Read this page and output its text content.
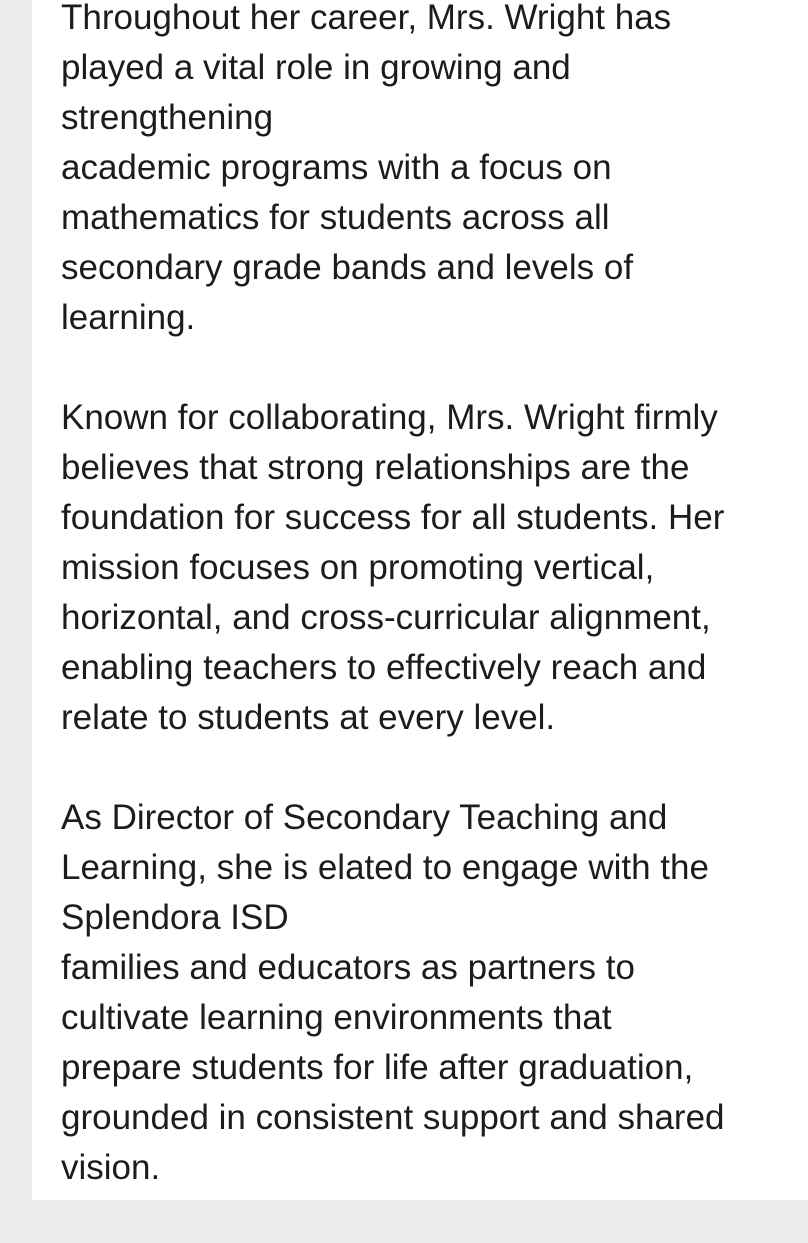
Throughout her career, Mrs. Wright has
played a vital role in growing and
strengthening
academic programs with a focus on
mathematics for students across all
secondary grade bands and levels of
learning.

Known for collaborating, Mrs. Wright firmly
believes that strong relationships are the
foundation for success for all students. Her
mission focuses on promoting vertical,
horizontal, and cross-curricular alignment,
enabling teachers to effectively reach and
relate to students at every level.

As Director of Secondary Teaching and
Learning, she is elated to engage with the
Splendora ISD
families and educators as partners to
cultivate learning environments that
prepare students for life after graduation,
grounded in consistent support and shared
vision.
